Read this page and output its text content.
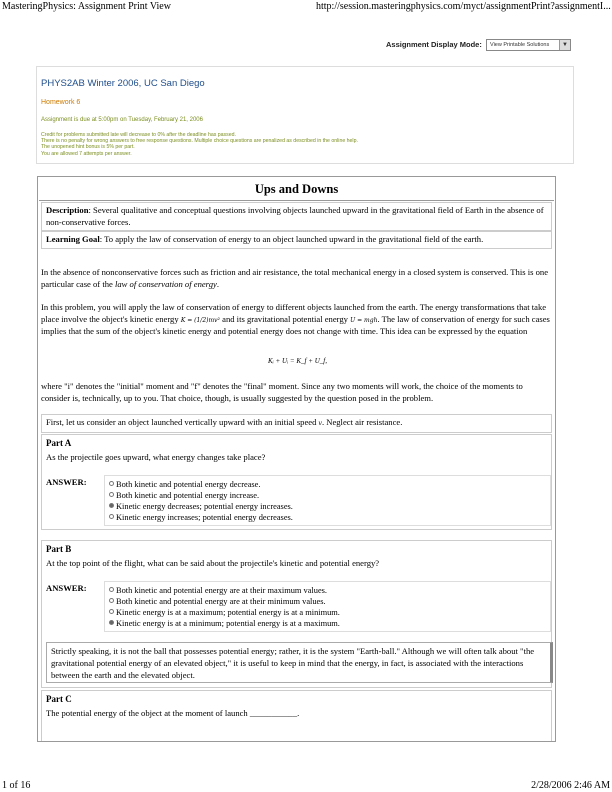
MasteringPhysics: Assignment Print View	http://session.masteringphysics.com/myct/assignmentPrint?assignmentI...
Assignment Display Mode:	View Printable Solutions	▼
PHYS2AB Winter 2006, UC San Diego
Homework 6
Assignment is due at 5:00pm on Tuesday, February 21, 2006
Credit for problems submitted late will decrease to 0% after the deadline has passed.
There is no penalty for wrong answers to free response questions. Multiple choice questions are penalized as described in the online help.
The unopened hint bonus is 5% per part.
You are allowed 7 attempts per answer.
Ups and Downs
Description: Several qualitative and conceptual questions involving objects launched upward in the gravitational field of Earth in the absence of non-conservative forces.
Learning Goal: To apply the law of conservation of energy to an object launched upward in the gravitational field of the earth.
In the absence of nonconservative forces such as friction and air resistance, the total mechanical energy in a closed system is conserved. This is one particular case of the law of conservation of energy.
In this problem, you will apply the law of conservation of energy to different objects launched from the earth. The energy transformations that take place involve the object's kinetic energy K = (1/2)mv² and its gravitational potential energy U = mgh. The law of conservation of energy for such cases implies that the sum of the object's kinetic energy and potential energy does not change with time. This idea can be expressed by the equation
Kᵢ + Uᵢ = K_f + U_f,
where "i" denotes the "initial" moment and "f" denotes the "final" moment. Since any two moments will work, the choice of the moments to consider is, technically, up to you. That choice, though, is usually suggested by the question posed in the problem.
First, let us consider an object launched vertically upward with an initial speed v. Neglect air resistance.
Part A
As the projectile goes upward, what energy changes take place?
ANSWER:	Both kinetic and potential energy decrease.
Both kinetic and potential energy increase.
Kinetic energy decreases; potential energy increases.
Kinetic energy increases; potential energy decreases.
Part B
At the top point of the flight, what can be said about the projectile's kinetic and potential energy?
ANSWER:	Both kinetic and potential energy are at their maximum values.
Both kinetic and potential energy are at their minimum values.
Kinetic energy is at a maximum; potential energy is at a minimum.
Kinetic energy is at a minimum; potential energy is at a maximum.
Strictly speaking, it is not the ball that possesses potential energy; rather, it is the system "Earth-ball." Although we will often talk about "the gravitational potential energy of an elevated object," it is useful to keep in mind that the energy, in fact, is associated with the interactions between the earth and the elevated object.
Part C
The potential energy of the object at the moment of launch ___________.
1 of 16	2/28/2006 2:46 AM
